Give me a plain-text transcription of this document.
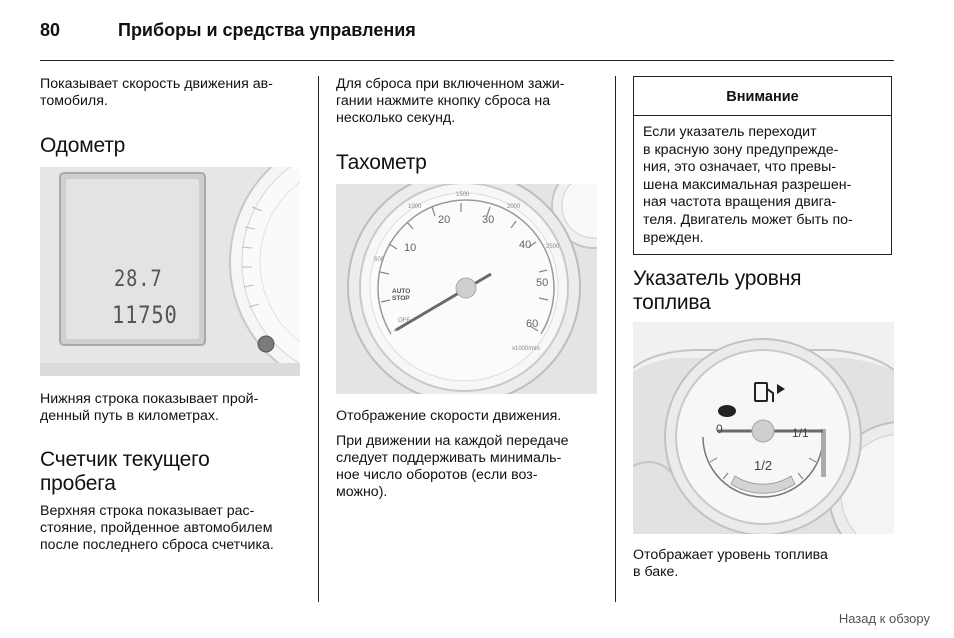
80	Приборы и средства управления

Показывает скорость движения ав-
томобиля.

Одометр
28.7
11750

Нижняя строка показывает прой-
денный путь в километрах.

Счетчик текущего
пробега

Верхняя строка показывает рас-
стояние, пройденное автомобилем
после последнего сброса счетчика.

Для сброса при включенном зажи-
гании нажмите кнопку сброса на
несколько секунд.

Тахометр
10
20	30
40
50
60
500
1000
1500
2000
2500
AUTO
STOP
OFF
x1000/min

Отображение скорости движения.

При движении на каждой передаче
следует поддерживать минималь-
ное число оборотов (если воз-
можно).

Внимание
Если указатель переходит
в красную зону предупрежде-
ния, это означает, что превы-
шена максимальная разрешен-
ная частота вращения двига-
теля. Двигатель может быть по-
врежден.
Указатель уровня
топлива
0
1/2
1/1

Отображает уровень топлива
в баке.

Назад к обзору
